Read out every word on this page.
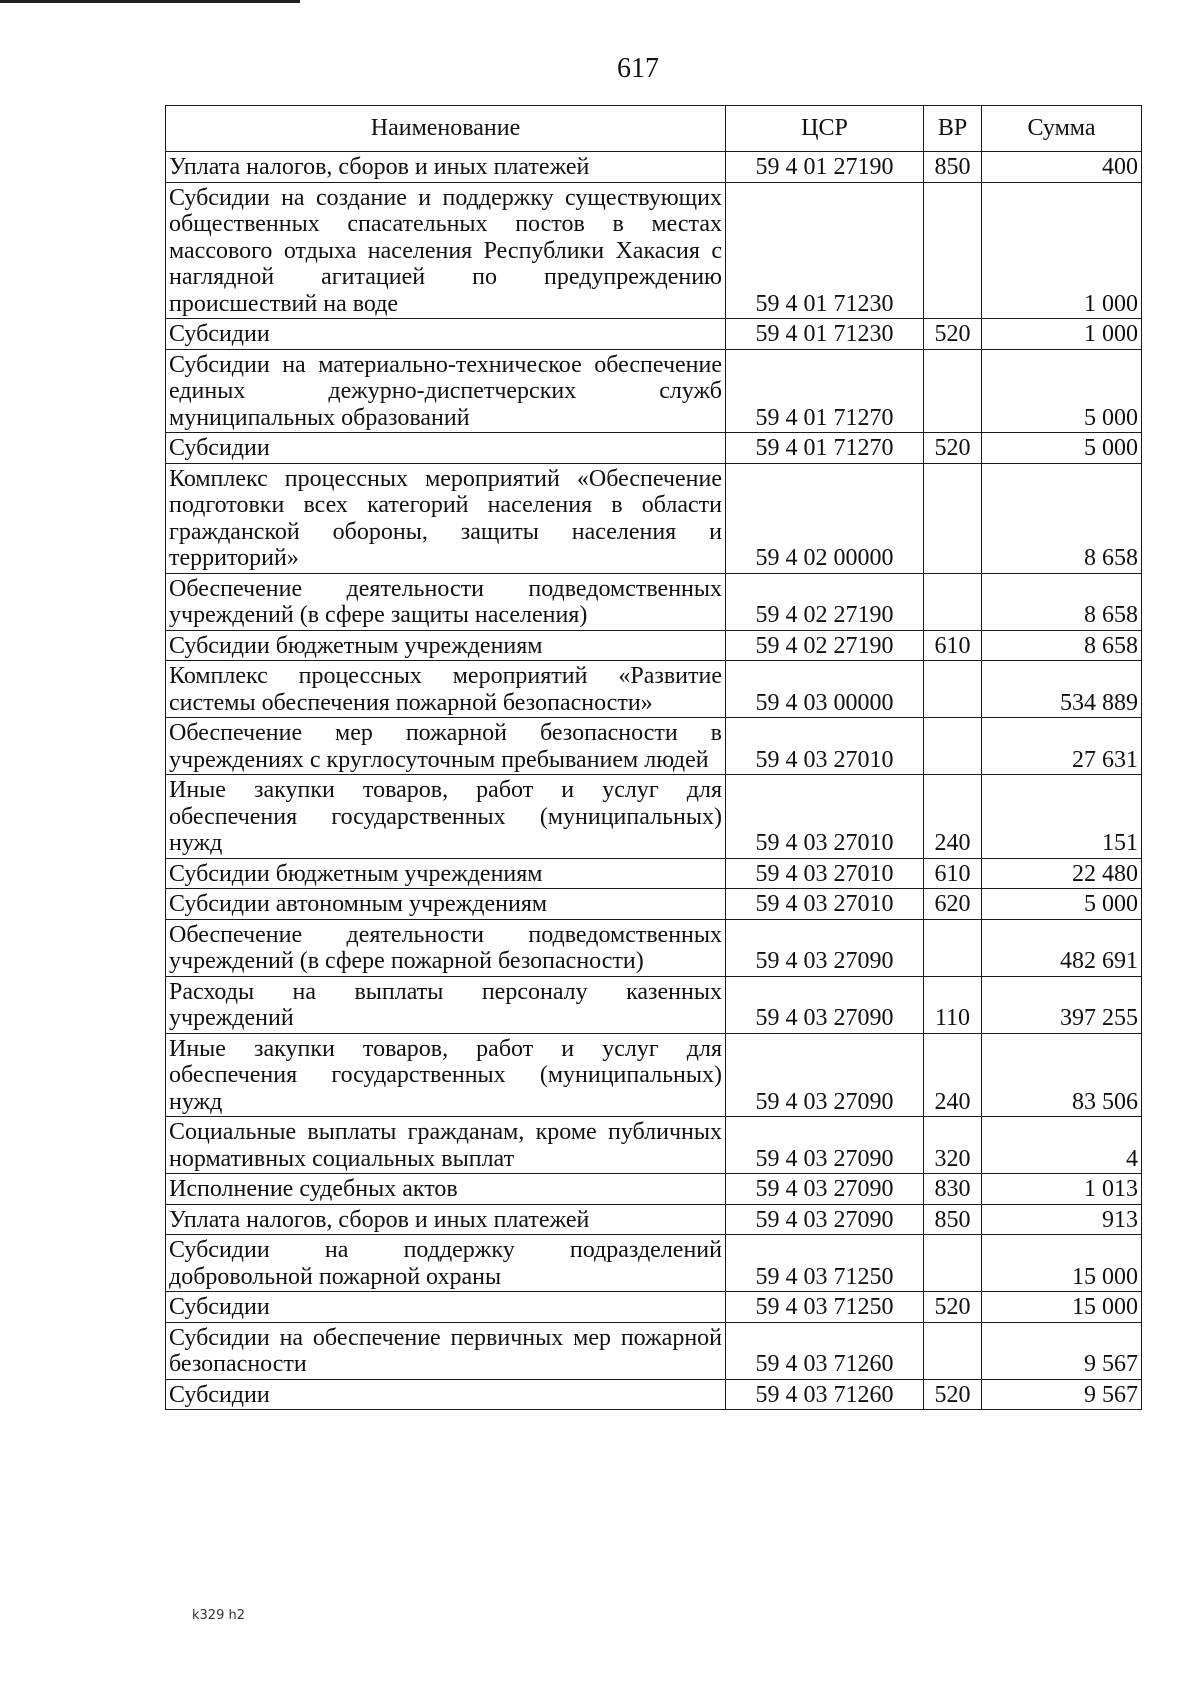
617
Наименование	ЦСР	ВР	Сумма
Уплата налогов, сборов и иных платежей	59 4 01 27190	850	400
Субсидии на создание и поддержку существующих общественных спасательных постов в местах массового отдыха населения Республики Хакасия с наглядной агитацией по предупреждению происшествий на воде	59 4 01 71230		1 000
Субсидии	59 4 01 71230	520	1 000
Субсидии на материально-техническое обеспечение единых дежурно-диспетчерских служб муниципальных образований	59 4 01 71270		5 000
Субсидии	59 4 01 71270	520	5 000
Комплекс процессных мероприятий «Обеспечение подготовки всех категорий населения в области гражданской обороны, защиты населения и территорий»	59 4 02 00000		8 658
Обеспечение деятельности подведомственных учреждений (в сфере защиты населения)	59 4 02 27190		8 658
Субсидии бюджетным учреждениям	59 4 02 27190	610	8 658
Комплекс процессных мероприятий «Развитие системы обеспечения пожарной безопасности»	59 4 03 00000		534 889
Обеспечение мер пожарной безопасности в учреждениях с круглосуточным пребыванием людей	59 4 03 27010		27 631
Иные закупки товаров, работ и услуг для обеспечения государственных (муниципальных) нужд	59 4 03 27010	240	151
Субсидии бюджетным учреждениям	59 4 03 27010	610	22 480
Субсидии автономным учреждениям	59 4 03 27010	620	5 000
Обеспечение деятельности подведомственных учреждений (в сфере пожарной безопасности)	59 4 03 27090		482 691
Расходы на выплаты персоналу казенных учреждений	59 4 03 27090	110	397 255
Иные закупки товаров, работ и услуг для обеспечения государственных (муниципальных) нужд	59 4 03 27090	240	83 506
Социальные выплаты гражданам, кроме публичных нормативных социальных выплат	59 4 03 27090	320	4
Исполнение судебных актов	59 4 03 27090	830	1 013
Уплата налогов, сборов и иных платежей	59 4 03 27090	850	913
Субсидии на поддержку подразделений добровольной пожарной охраны	59 4 03 71250		15 000
Субсидии	59 4 03 71250	520	15 000
Субсидии на обеспечение первичных мер пожарной безопасности	59 4 03 71260		9 567
Субсидии	59 4 03 71260	520	9 567
k329 h2
